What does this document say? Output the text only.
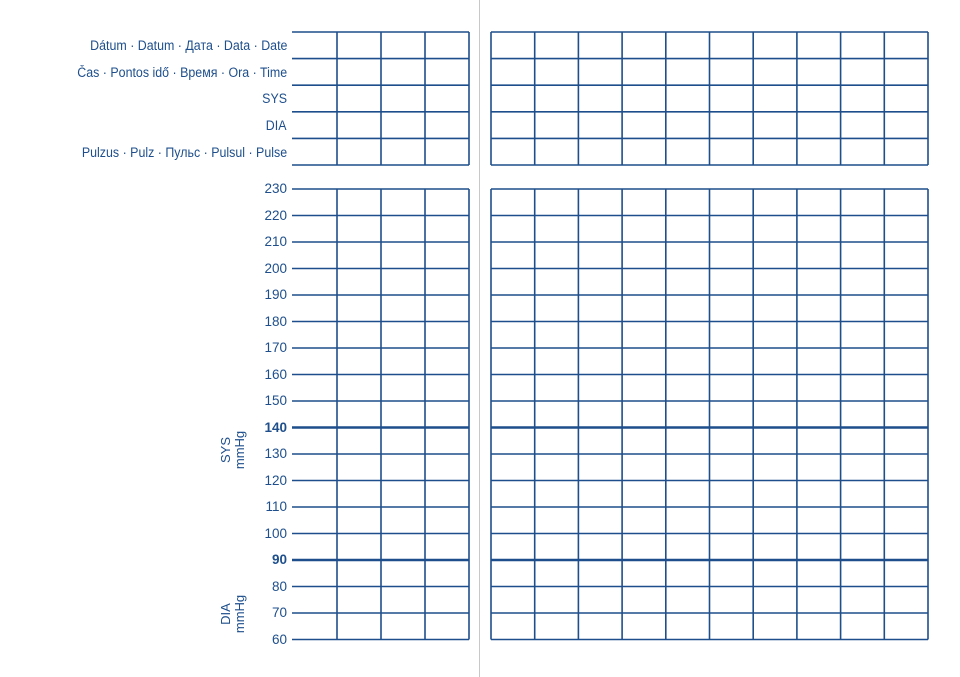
Dátum · Datum · Дата · Data · Date
Čas · Pontos idő · Время · Ora · Time
SYS
DIA
Pulzus · Pulz · Пульс · Pulsul · Pulse
230
220
210
200
190
180
170
160
150
140
130
120
110
100
90
80
70
60
SYS mmHg
DIA mmHg
